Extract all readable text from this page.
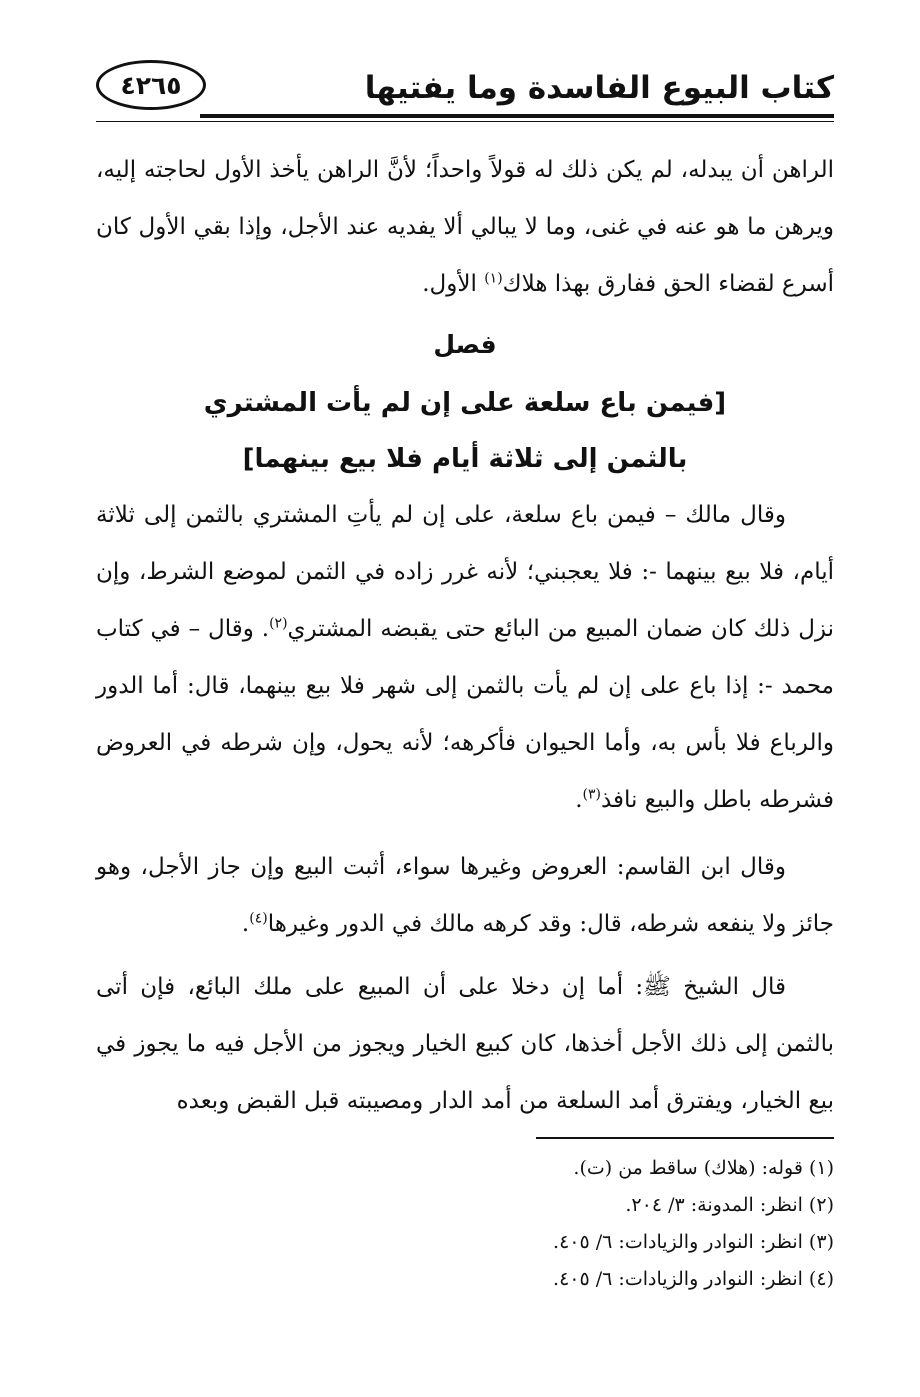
كتاب البيوع الفاسدة وما يفتيها
٤٢٦٥

الراهن أن يبدله، لم يكن ذلك له قولاً واحداً؛ لأنَّ الراهن يأخذ الأول لحاجته إليه، ويرهن ما هو عنه في غنى، وما لا يبالي ألا يفديه عند الأجل، وإذا بقي الأول كان أسرع لقضاء الحق ففارق بهذا هلاك$^{(١)}$ الأول.

فصل
[فيمن باع سلعة على إن لم يأت المشتري
بالثمن إلى ثلاثة أيام فلا بيع بينهما]

وقال مالك – فيمن باع سلعة، على إن لم يأتِ المشتري بالثمن إلى ثلاثة أيام، فلا بيع بينهما -: فلا يعجبني؛ لأنه غرر زاده في الثمن لموضع الشرط، وإن نزل ذلك كان ضمان المبيع من البائع حتى يقبضه المشتري$^{(٢)}$. وقال – في كتاب محمد -: إذا باع على إن لم يأت بالثمن إلى شهر فلا بيع بينهما، قال: أما الدور والرباع فلا بأس به، وأما الحيوان فأكرهه؛ لأنه يحول، وإن شرطه في العروض فشرطه باطل والبيع نافذ$^{(٣)}$.

وقال ابن القاسم: العروض وغيرها سواء، أثبت البيع وإن جاز الأجل، وهو جائز ولا ينفعه شرطه، قال: وقد كرهه مالك في الدور وغيرها$^{(٤)}$.

قال الشيخ ﷺ: أما إن دخلا على أن المبيع على ملك البائع، فإن أتى بالثمن إلى ذلك الأجل أخذها، كان كبيع الخيار ويجوز من الأجل فيه ما يجوز في بيع الخيار، ويفترق أمد السلعة من أمد الدار ومصيبته قبل القبض وبعده

(١) قوله: (هلاك) ساقط من (ت).

(٢) انظر: المدونة: ٣/ ٢٠٤.

(٣) انظر: النوادر والزيادات: ٦/ ٤٠٥.

(٤) انظر: النوادر والزيادات: ٦/ ٤٠٥.
